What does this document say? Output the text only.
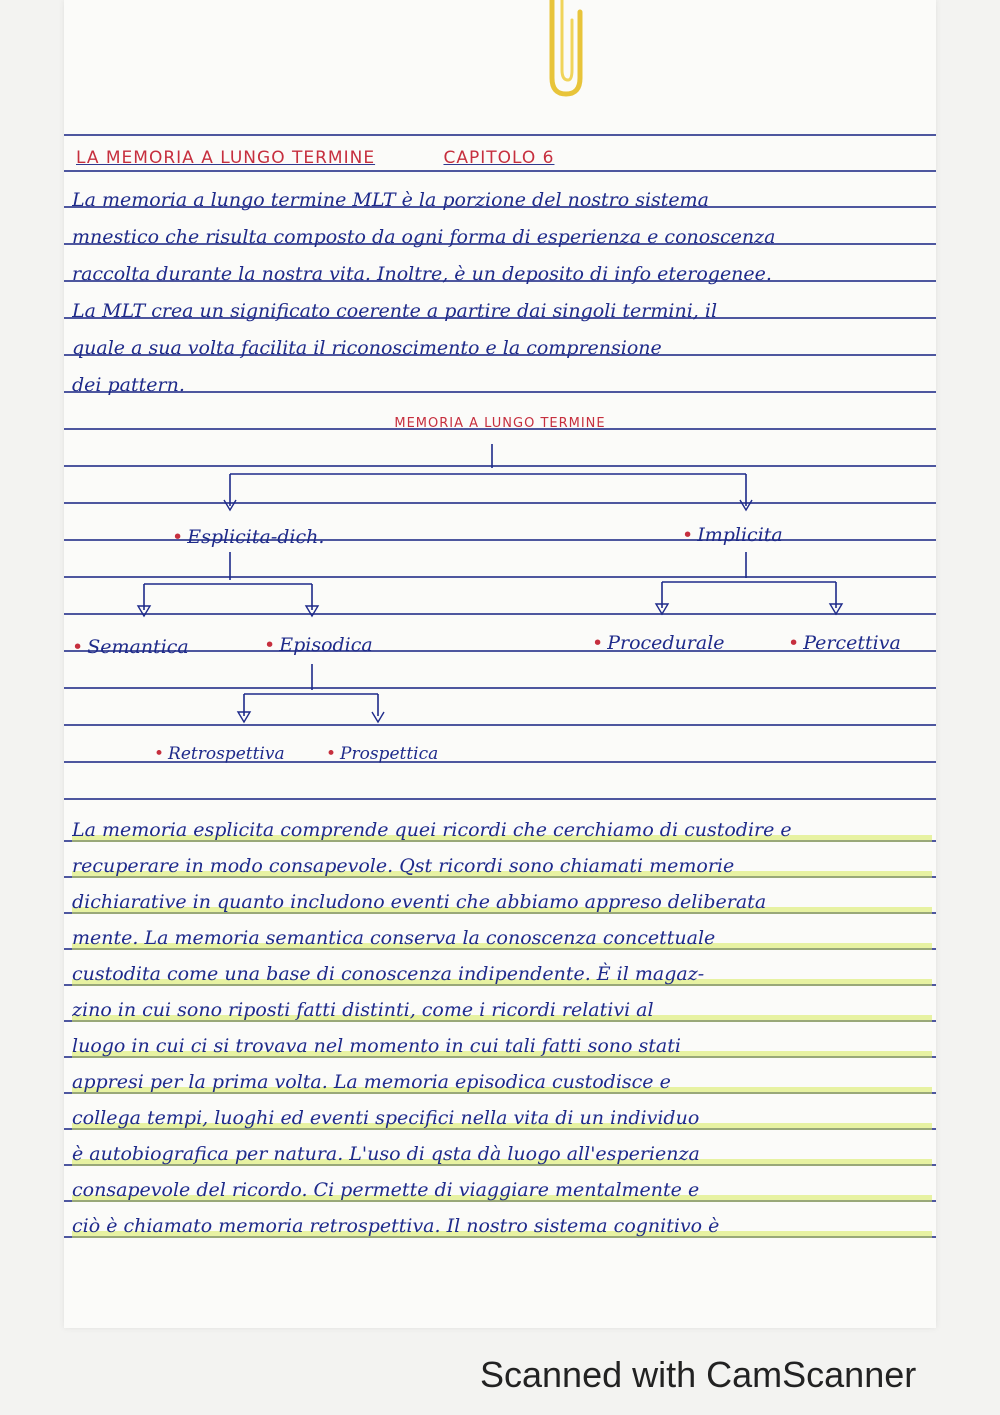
LA MEMORIA A LUNGO TERMINE	CAPITOLO 6
La memoria a lungo termine MLT è la porzione del nostro sistema
mnestico che risulta composto da ogni forma di esperienza e conoscenza
raccolta durante la nostra vita. Inoltre, è un deposito di info eterogenee.
La MLT crea un significato coerente a partire dai singoli termini, il
quale a sua volta facilita il riconoscimento e la comprensione
dei pattern.
MEMORIA A LUNGO TERMINE
• Esplicita-dich.	• Implicita
• Semantica	• Episodica	• Procedurale	• Percettiva
• Retrospettiva • Prospettica
La memoria esplicita comprende quei ricordi che cerchiamo di custodire e
recuperare in modo consapevole. Qst ricordi sono chiamati memorie
dichiarative in quanto includono eventi che abbiamo appreso deliberata
mente. La memoria semantica conserva la conoscenza concettuale
custodita come una base di conoscenza indipendente. È il magaz-
zino in cui sono riposti fatti distinti, come i ricordi relativi al
luogo in cui ci si trovava nel momento in cui tali fatti sono stati
appresi per la prima volta. La memoria episodica custodisce e
collega tempi, luoghi ed eventi specifici nella vita di un individuo
è autobiografica per natura. L'uso di qsta dà luogo all'esperienza
consapevole del ricordo. Ci permette di viaggiare mentalmente e
ciò è chiamato memoria retrospettiva. Il nostro sistema cognitivo è
Scanned with CamScanner
